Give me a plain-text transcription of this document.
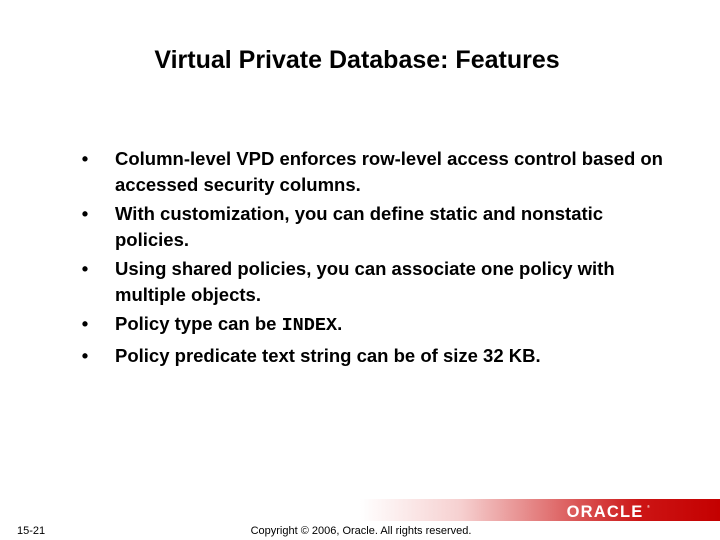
Virtual Private Database: Features
• Column-level VPD enforces row-level access control based on accessed security columns.
• With customization, you can define static and nonstatic policies.
• Using shared policies, you can associate one policy with multiple objects.
• Policy type can be INDEX.
• Policy predicate text string can be of size 32 KB.
ORACLE ®
15-21	Copyright © 2006, Oracle. All rights reserved.
